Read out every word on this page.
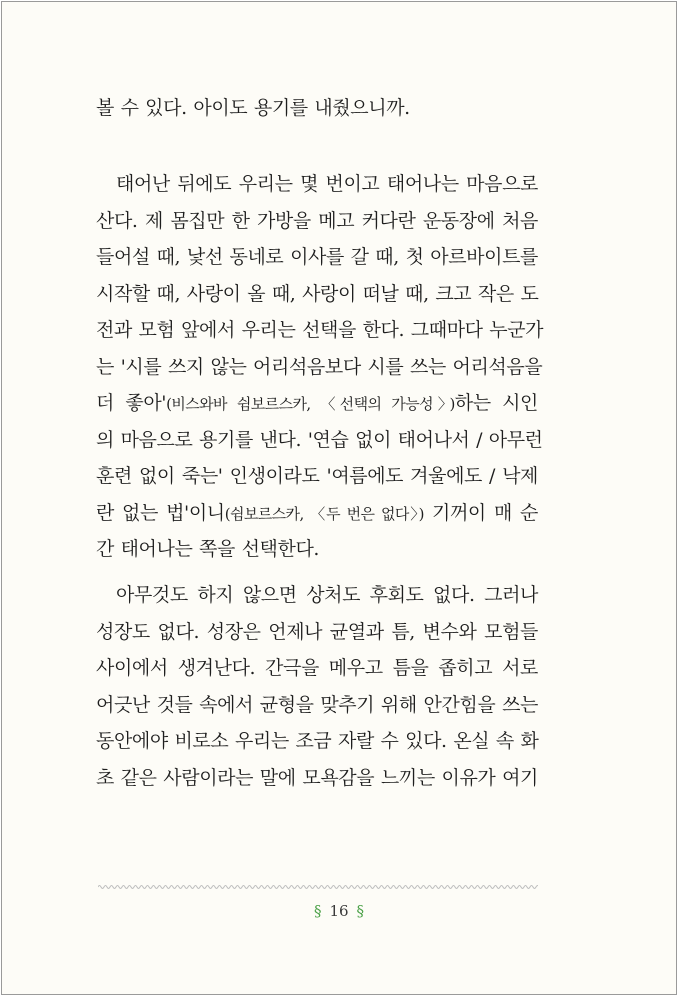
볼 수 있다. 아이도 용기를 내줬으니까.
태어난 뒤에도 우리는 몇 번이고 태어나는 마음으로
산다. 제 몸집만 한 가방을 메고 커다란 운동장에 처음
들어설 때, 낯선 동네로 이사를 갈 때, 첫 아르바이트를
시작할 때, 사랑이 올 때, 사랑이 떠날 때, 크고 작은 도
전과 모험 앞에서 우리는 선택을 한다. 그때마다 누군가
는 '시를 쓰지 않는 어리석음보다 시를 쓰는 어리석음을
더 좋아'(비스와바 쉼보르스카, 〈선택의 가능성〉)하는 시인
의 마음으로 용기를 낸다. '연습 없이 태어나서 / 아무런
훈련 없이 죽는' 인생이라도 '여름에도 겨울에도 / 낙제
란 없는 법'이니(쉼보르스카, 〈두 번은 없다〉) 기꺼이 매 순
간 태어나는 쪽을 선택한다.
아무것도 하지 않으면 상처도 후회도 없다. 그러나
성장도 없다. 성장은 언제나 균열과 틈, 변수와 모험들
사이에서 생겨난다. 간극을 메우고 틈을 좁히고 서로
어긋난 것들 속에서 균형을 맞추기 위해 안간힘을 쓰는
동안에야 비로소 우리는 조금 자랄 수 있다. 온실 속 화
초 같은 사람이라는 말에 모욕감을 느끼는 이유가 여기
§ 16 §
